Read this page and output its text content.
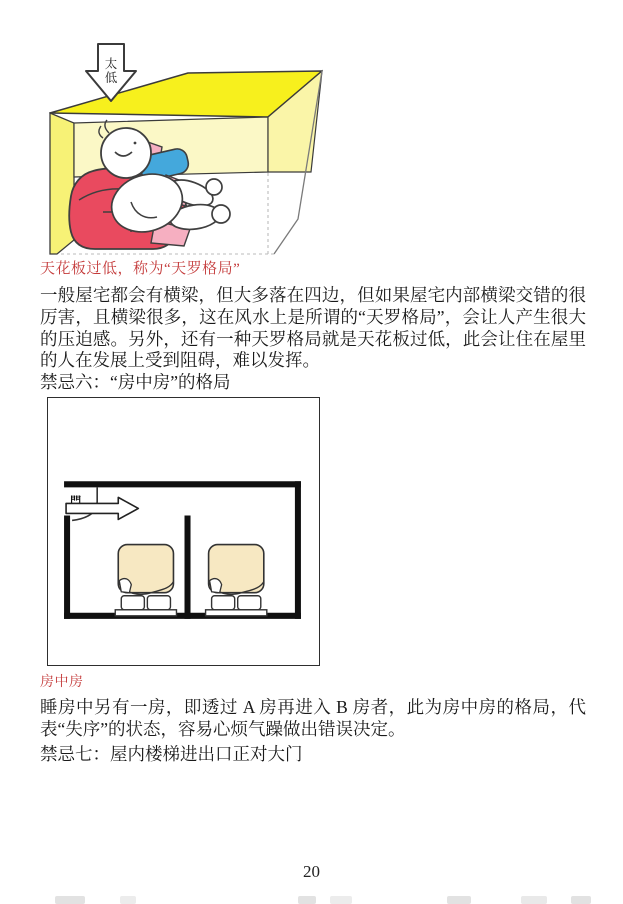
太低
天花板过低，称为“天罗格局”
一般屋宅都会有横梁，但大多落在四边，但如果屋宅内部横梁交错的很厉害，且横梁很多，这在风水上是所谓的“天罗格局”，会让人产生很大的压迫感。另外，还有一种天罗格局就是天花板过低，此会让住在屋里的人在发展上受到阻碍，难以发挥。
禁忌六：“房中房”的格局
門
房中房
睡房中另有一房，即透过 A 房再进入 B 房者，此为房中房的格局，代表“失序”的状态，容易心烦气躁做出错误决定。
禁忌七：屋内楼梯进出口正对大门
20
